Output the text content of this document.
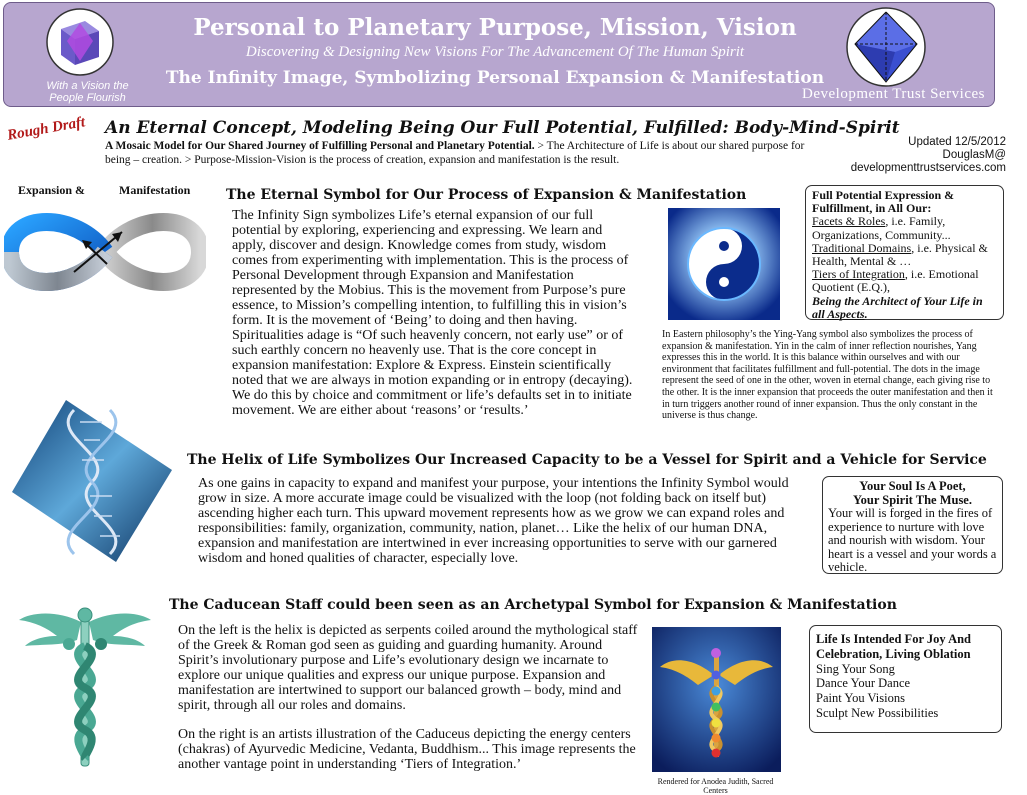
With a Vision the People Flourish
Personal to Planetary Purpose, Mission, Vision
Discovering & Designing New Visions For The Advancement Of The Human Spirit
The Infinity Image, Symbolizing Personal Expansion & Manifestation
Development Trust Services
Rough Draft An Eternal Concept, Modeling Being Our Full Potential, Fulfilled: Body-Mind-Spirit
A Mosaic Model for Our Shared Journey of Fulfilling Personal and Planetary Potential. > The Architecture of Life is about our shared purpose for being – creation. > Purpose-Mission-Vision is the process of creation, expansion and manifestation is the result.
Updated 12/5/2012
DouglasM@
developmenttrustservices.com
Expansion &	Manifestation	The Eternal Symbol for Our Process of Expansion & Manifestation
The Infinity Sign symbolizes Life’s eternal expansion of our full potential by exploring, experiencing and expressing. We learn and apply, discover and design. Knowledge comes from study, wisdom comes from experimenting with implementation. This is the process of Personal Development through Expansion and Manifestation represented by the Mobius. This is the movement from Purpose’s pure essence, to Mission’s compelling intention, to fulfilling this in vision’s form. It is the movement of ‘Being’ to doing and then having. Spiritualities adage is “Of such heavenly concern, not early use” or of such earthly concern no heavenly use. That is the core concept in expansion manifestation: Explore & Express. Einstein scientifically noted that we are always in motion expanding or in entropy (decaying). We do this by choice and commitment or life’s defaults set in to initiate movement. We are either about ‘reasons’ or ‘results.’
Full Potential Expression & Fulfillment, in All Our:
Facets & Roles, i.e. Family, Organizations, Community...
Traditional Domains, i.e. Physical & Health, Mental & …
Tiers of Integration, i.e. Emotional Quotient (E.Q.),
Being the Architect of Your Life in all Aspects.
In Eastern philosophy’s the Ying-Yang symbol also symbolizes the process of expansion & manifestation. Yin in the calm of inner reflection nourishes, Yang expresses this in the world. It is this balance within ourselves and with our environment that facilitates fulfillment and full-potential. The dots in the image represent the seed of one in the other, woven in eternal change, each giving rise to the other. It is the inner expansion that proceeds the outer manifestation and then it in turn triggers another round of inner expansion. Thus the only constant in the universe is thus change.
The Helix of Life Symbolizes Our Increased Capacity to be a Vessel for Spirit and a Vehicle for Service
As one gains in capacity to expand and manifest your purpose, your intentions the Infinity Symbol would grow in size. A more accurate image could be visualized with the loop (not folding back on itself but) ascending higher each turn. This upward movement represents how as we grow we can expand roles and responsibilities: family, organization, community, nation, planet… Like the helix of our human DNA, expansion and manifestation are intertwined in ever increasing opportunities to serve with our garnered wisdom and honed qualities of character, especially love.
Your Soul Is A Poet,
Your Spirit The Muse.
Your will is forged in the fires of experience to nurture with love and nourish with wisdom. Your heart is a vessel and your words a vehicle.
The Caducean Staff could been seen as an Archetypal Symbol for Expansion & Manifestation
On the left is the helix is depicted as serpents coiled around the mythological staff of the Greek & Roman god seen as guiding and guarding humanity. Around Spirit’s involutionary purpose and Life’s evolutionary design we incarnate to explore our unique qualities and express our unique purpose. Expansion and manifestation are intertwined to support our balanced growth – body, mind and spirit, through all our roles and domains.
On the right is an artists illustration of the Caduceus depicting the energy centers (chakras) of Ayurvedic Medicine, Vedanta, Buddhism... This image represents the another vantage point in understanding ‘Tiers of Integration.’
Rendered for Anodea Judith, Sacred Centers
Life Is Intended For Joy And Celebration, Living Oblation
Sing Your Song
Dance Your Dance
Paint You Visions
Sculpt New Possibilities
